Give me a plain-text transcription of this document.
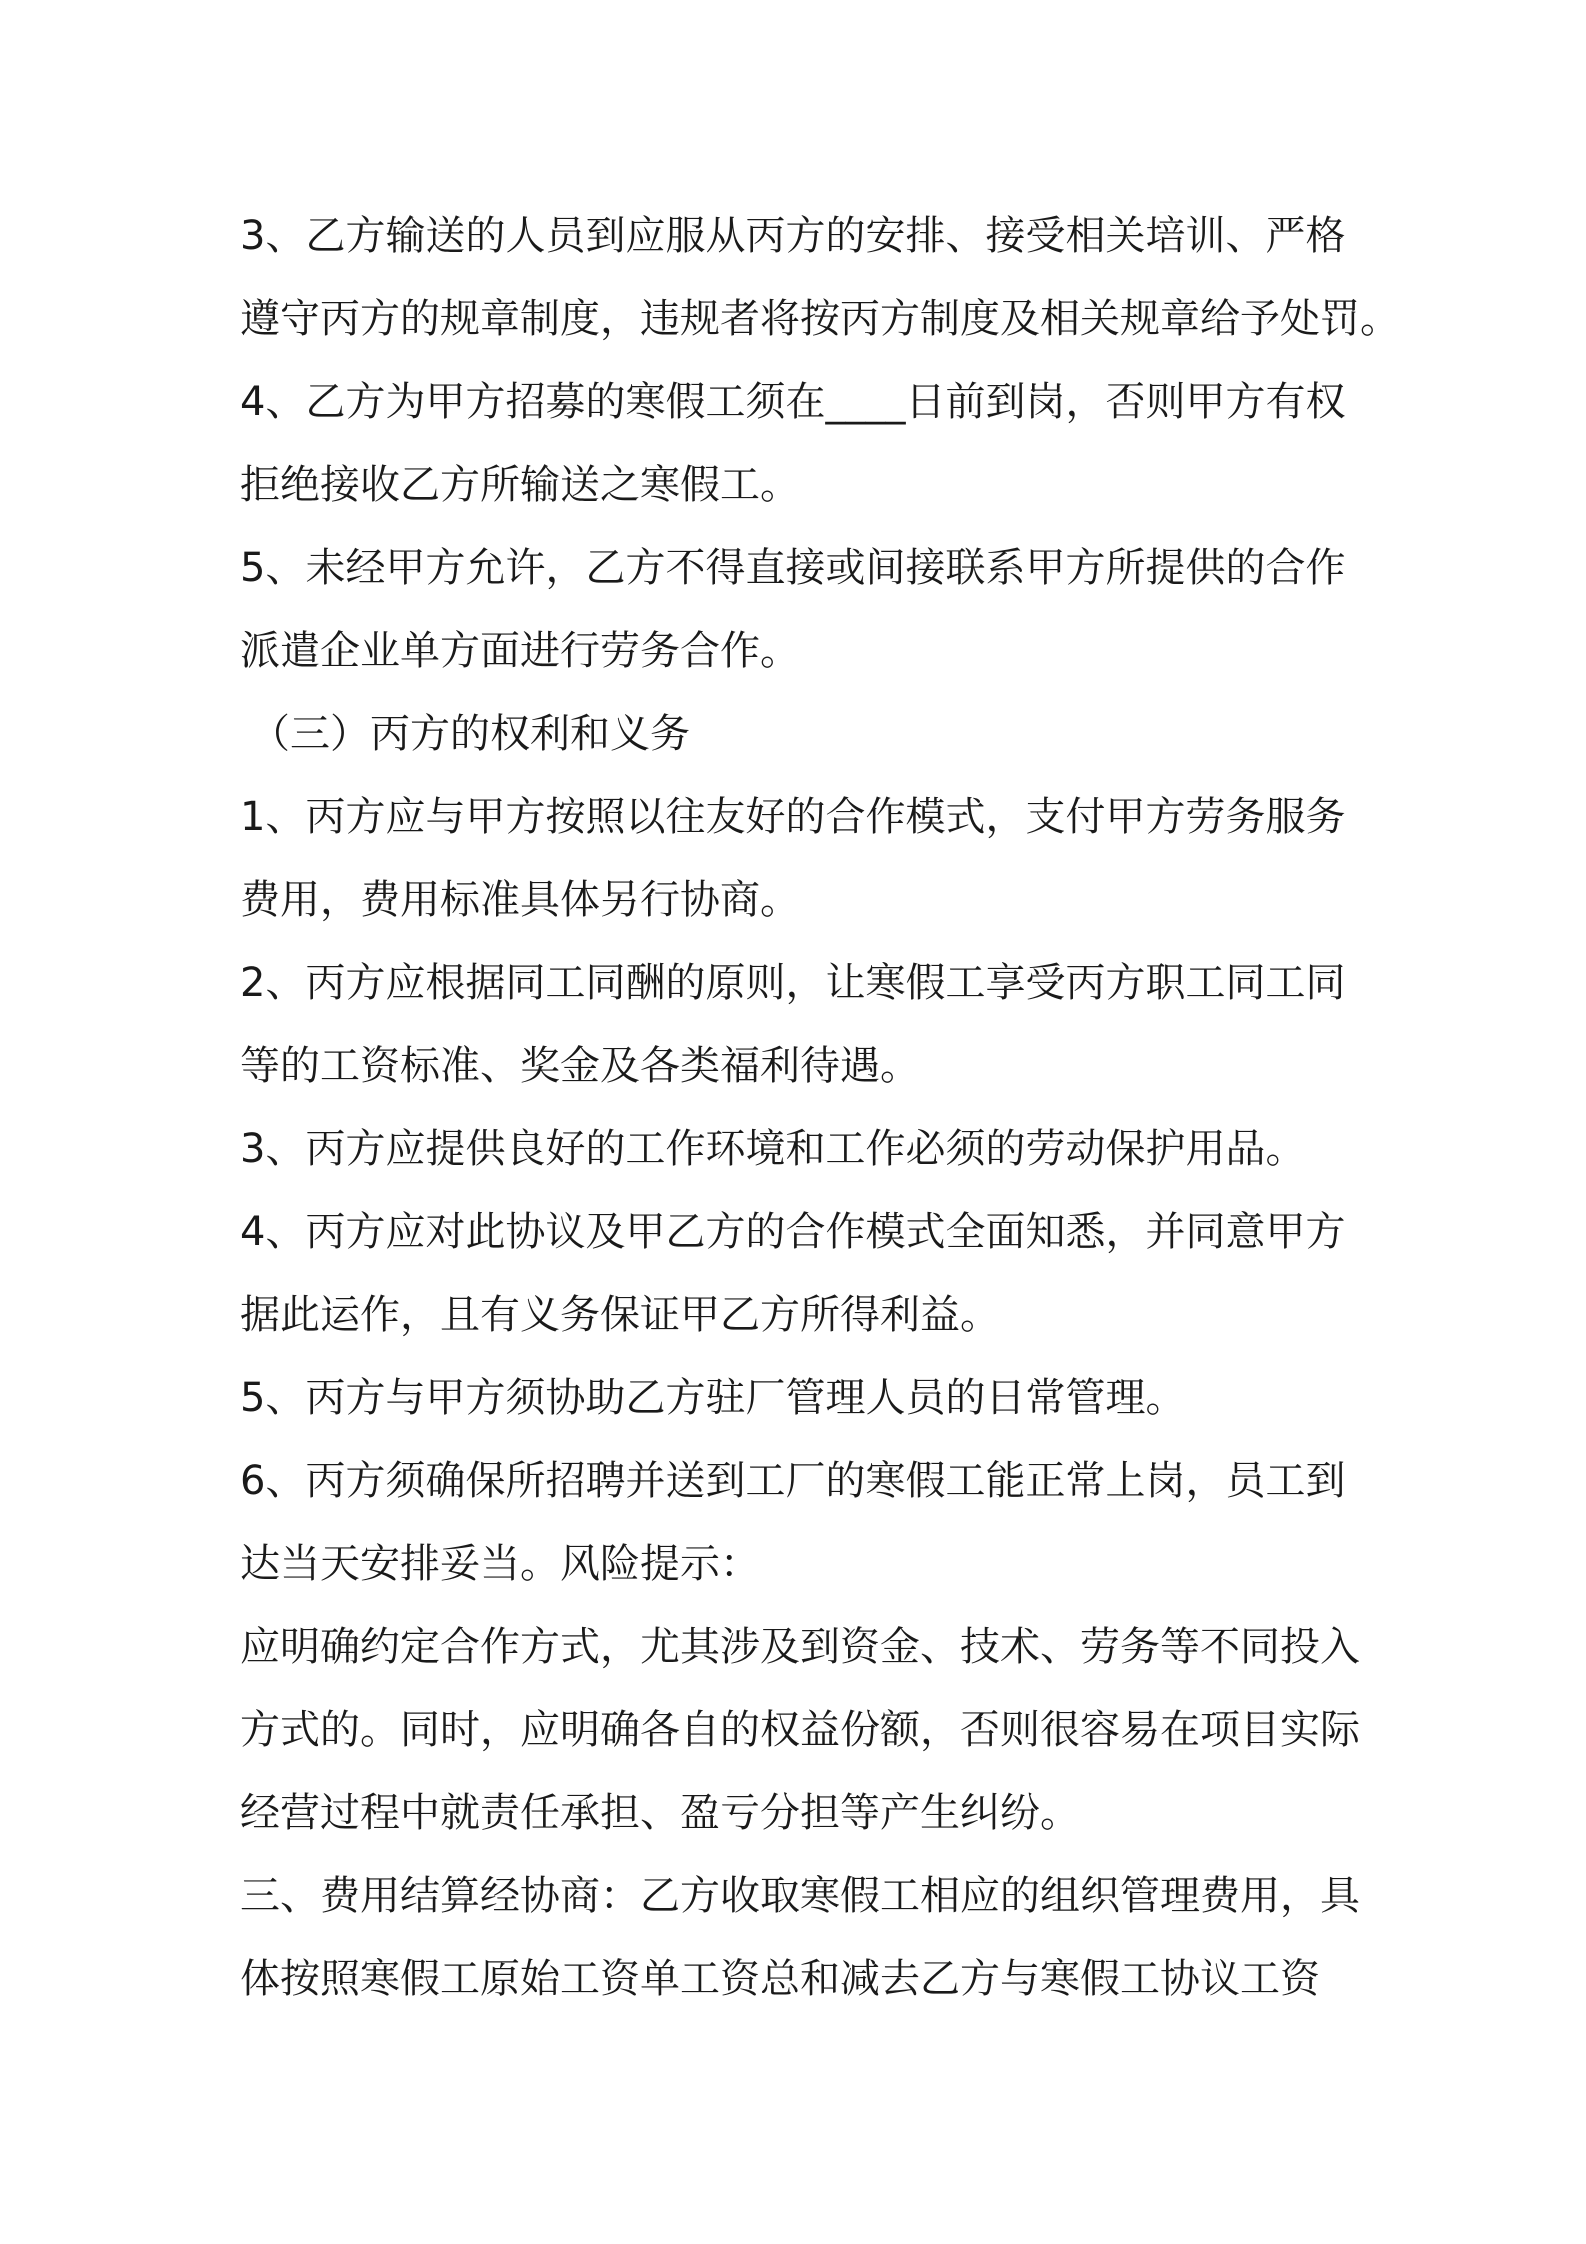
3、乙方输送的人员到应服从丙方的安排、接受相关培训、严格
遵守丙方的规章制度，违规者将按丙方制度及相关规章给予处罚。
4、乙方为甲方招募的寒假工须在____日前到岗，否则甲方有权
拒绝接收乙方所输送之寒假工。
5、未经甲方允许，乙方不得直接或间接联系甲方所提供的合作
派遣企业单方面进行劳务合作。
（三）丙方的权利和义务
1、丙方应与甲方按照以往友好的合作模式，支付甲方劳务服务
费用，费用标准具体另行协商。
2、丙方应根据同工同酬的原则，让寒假工享受丙方职工同工同
等的工资标准、奖金及各类福利待遇。
3、丙方应提供良好的工作环境和工作必须的劳动保护用品。
4、丙方应对此协议及甲乙方的合作模式全面知悉，并同意甲方
据此运作，且有义务保证甲乙方所得利益。
5、丙方与甲方须协助乙方驻厂管理人员的日常管理。
6、丙方须确保所招聘并送到工厂的寒假工能正常上岗，员工到
达当天安排妥当。风险提示：
应明确约定合作方式，尤其涉及到资金、技术、劳务等不同投入
方式的。同时，应明确各自的权益份额，否则很容易在项目实际
经营过程中就责任承担、盈亏分担等产生纠纷。
三、费用结算经协商：乙方收取寒假工相应的组织管理费用，具
体按照寒假工原始工资单工资总和减去乙方与寒假工协议工资
